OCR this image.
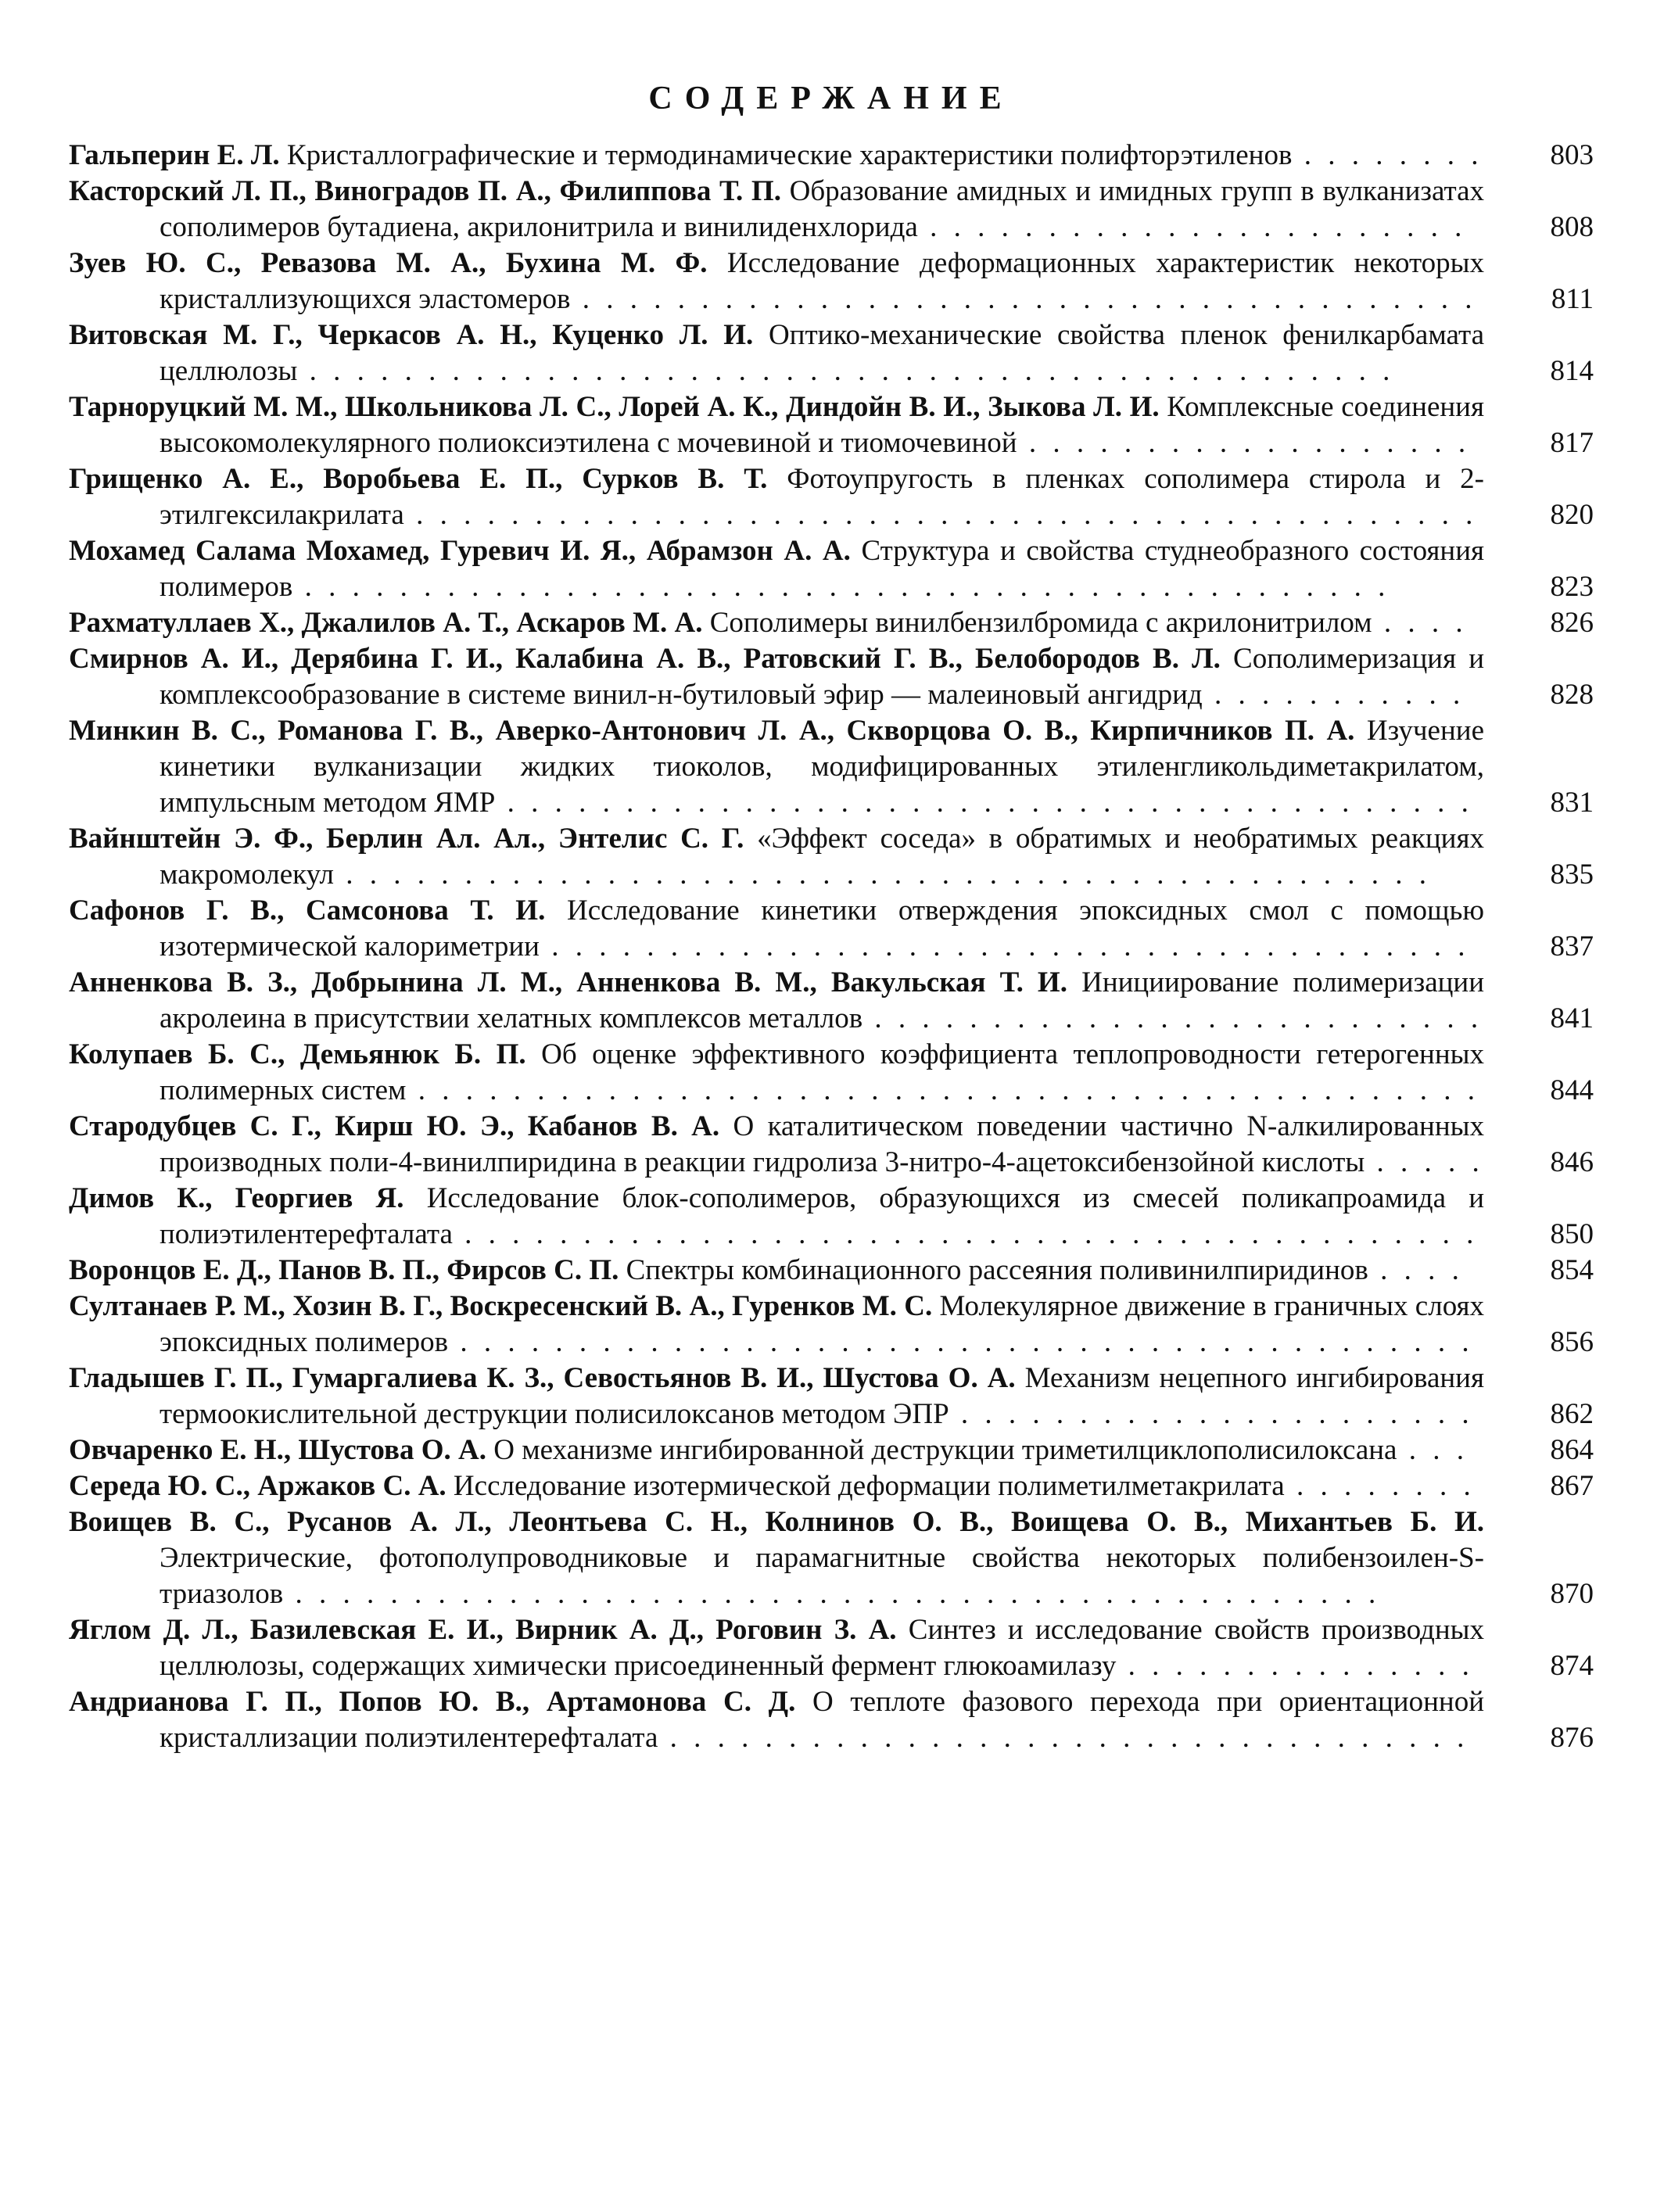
СОДЕРЖАНИЕ
Гальперин Е. Л. Кристаллографические и термодинамические характеристики полифторэтиленов . . . . . . . .	803
Касторский Л. П., Виноградов П. А., Филиппова Т. П. Образование амидных и имидных групп в вулканизатах сополимеров бутадиена, акрилонитрила и винилиденхлорида . . . . . . . . . . . . . . . . . . . . . . .	808
Зуев Ю. С., Ревазова М. А., Бухина М. Ф. Исследование деформационных характеристик некоторых кристаллизующихся эластомеров . . . . . . . . . . . . . . . . . . . . . . . . . . . . . . . . . . . . . .	811
Витовская М. Г., Черкасов А. Н., Куценко Л. И. Оптико-механические свойства пленок фенилкарбамата целлюлозы . . . . . . . . . . . . . . . . . . . . . . . . . . . . . . . . . . . . . . . . . . . . . .	814
Тарноруцкий М. М., Школьникова Л. С., Лорей А. К., Диндойн В. И., Зыкова Л. И. Комплексные соединения высокомолекулярного полиоксиэтилена с мочевиной и тиомочевиной . . . . . . . . . . . . . . . . . . .	817
Грищенко А. Е., Воробьева Е. П., Сурков В. Т. Фотоупругость в пленках сополимера стирола и 2-этилгексилакрилата . . . . . . . . . . . . . . . . . . . . . . . . . . . . . . . . . . . . . . . . . . . . .	820
Мохамед Салама Мохамед, Гуревич И. Я., Абрамзон А. А. Структура и свойства студнеобразного состояния полимеров . . . . . . . . . . . . . . . . . . . . . . . . . . . . . . . . . . . . . . . . . . . . . .	823
Рахматуллаев Х., Джалилов А. Т., Аскаров М. А. Сополимеры винилбензилбромида с акрилонитрилом . . . .	826
Смирнов А. И., Дерябина Г. И., Калабина А. В., Ратовский Г. В., Белобородов В. Л. Сополимеризация и комплексообразование в системе винил-н-бутиловый эфир — малеиновый ангидрид . . . . . . . . . . .	828
Минкин В. С., Романова Г. В., Аверко-Антонович Л. А., Скворцова О. В., Кирпичников П. А. Изучение кинетики вулканизации жидких тиоколов, модифицированных этиленгликольдиметакрилатом, импульсным методом ЯМР . . . . . . . . . . . . . . . . . . . . . . . . . . . . . . . . . . . . . . . . .	831
Вайнштейн Э. Ф., Берлин Ал. Ал., Энтелис С. Г. «Эффект соседа» в обратимых и необратимых реакциях макромолекул . . . . . . . . . . . . . . . . . . . . . . . . . . . . . . . . . . . . . . . . . . . . . .	835
Сафонов Г. В., Самсонова Т. И. Исследование кинетики отверждения эпоксидных смол с помощью изотермической калориметрии . . . . . . . . . . . . . . . . . . . . . . . . . . . . . . . . . . . . . . .	837
Анненкова В. З., Добрынина Л. М., Анненкова В. М., Вакульская Т. И. Инициирование полимеризации акролеина в присутствии хелатных комплексов металлов . . . . . . . . . . . . . . . . . . . . . . . . . .	841
Колупаев Б. С., Демьянюк Б. П. Об оценке эффективного коэффициента теплопроводности гетерогенных полимерных систем . . . . . . . . . . . . . . . . . . . . . . . . . . . . . . . . . . . . . . . . . . . . .	844
Стародубцев С. Г., Кирш Ю. Э., Кабанов В. А. О каталитическом поведении частично N-алкилированных производных поли-4-винилпиридина в реакции гидролиза 3-нитро-4-ацетоксибензойной кислоты . . . . .	846
Димов К., Георгиев Я. Исследование блок-сополимеров, образующихся из смесей поликапроамида и полиэтилентерефталата . . . . . . . . . . . . . . . . . . . . . . . . . . . . . . . . . . . . . . . . . . .	850
Воронцов Е. Д., Панов В. П., Фирсов С. П. Спектры комбинационного рассеяния поливинилпиридинов . . . .	854
Султанаев Р. М., Хозин В. Г., Воскресенский В. А., Гуренков М. С. Молекулярное движение в граничных слоях эпоксидных полимеров . . . . . . . . . . . . . . . . . . . . . . . . . . . . . . . . . . . . . . . . . . .	856
Гладышев Г. П., Гумаргалиева К. З., Севостьянов В. И., Шустова О. А. Механизм нецепного ингибирования термоокислительной деструкции полисилоксанов методом ЭПР . . . . . . . . . . . . . . . . . . . . . .	862
Овчаренко Е. Н., Шустова О. А. О механизме ингибированной деструкции триметилциклополисилоксана . . .	864
Середа Ю. С., Аржаков С. А. Исследование изотермической деформации полиметилметакрилата . . . . . . . .	867
Воищев В. С., Русанов А. Л., Леонтьева С. Н., Колнинов О. В., Воищева О. В., Михантьев Б. И. Электрические, фотополупроводниковые и парамагнитные свойства некоторых полибензоилен-S-триазолов . . . . . . . . . . . . . . . . . . . . . . . . . . . . . . . . . . . . . . . . . . . . . .	870
Яглом Д. Л., Базилевская Е. И., Вирник А. Д., Роговин З. А. Синтез и исследование свойств производных целлюлозы, содержащих химически присоединенный фермент глюкоамилазу . . . . . . . . . . . . . . .	874
Андрианова Г. П., Попов Ю. В., Артамонова С. Д. О теплоте фазового перехода при ориентационной кристаллизации полиэтилентерефталата . . . . . . . . . . . . . . . . . . . . . . . . . . . . . . . . . .	876
